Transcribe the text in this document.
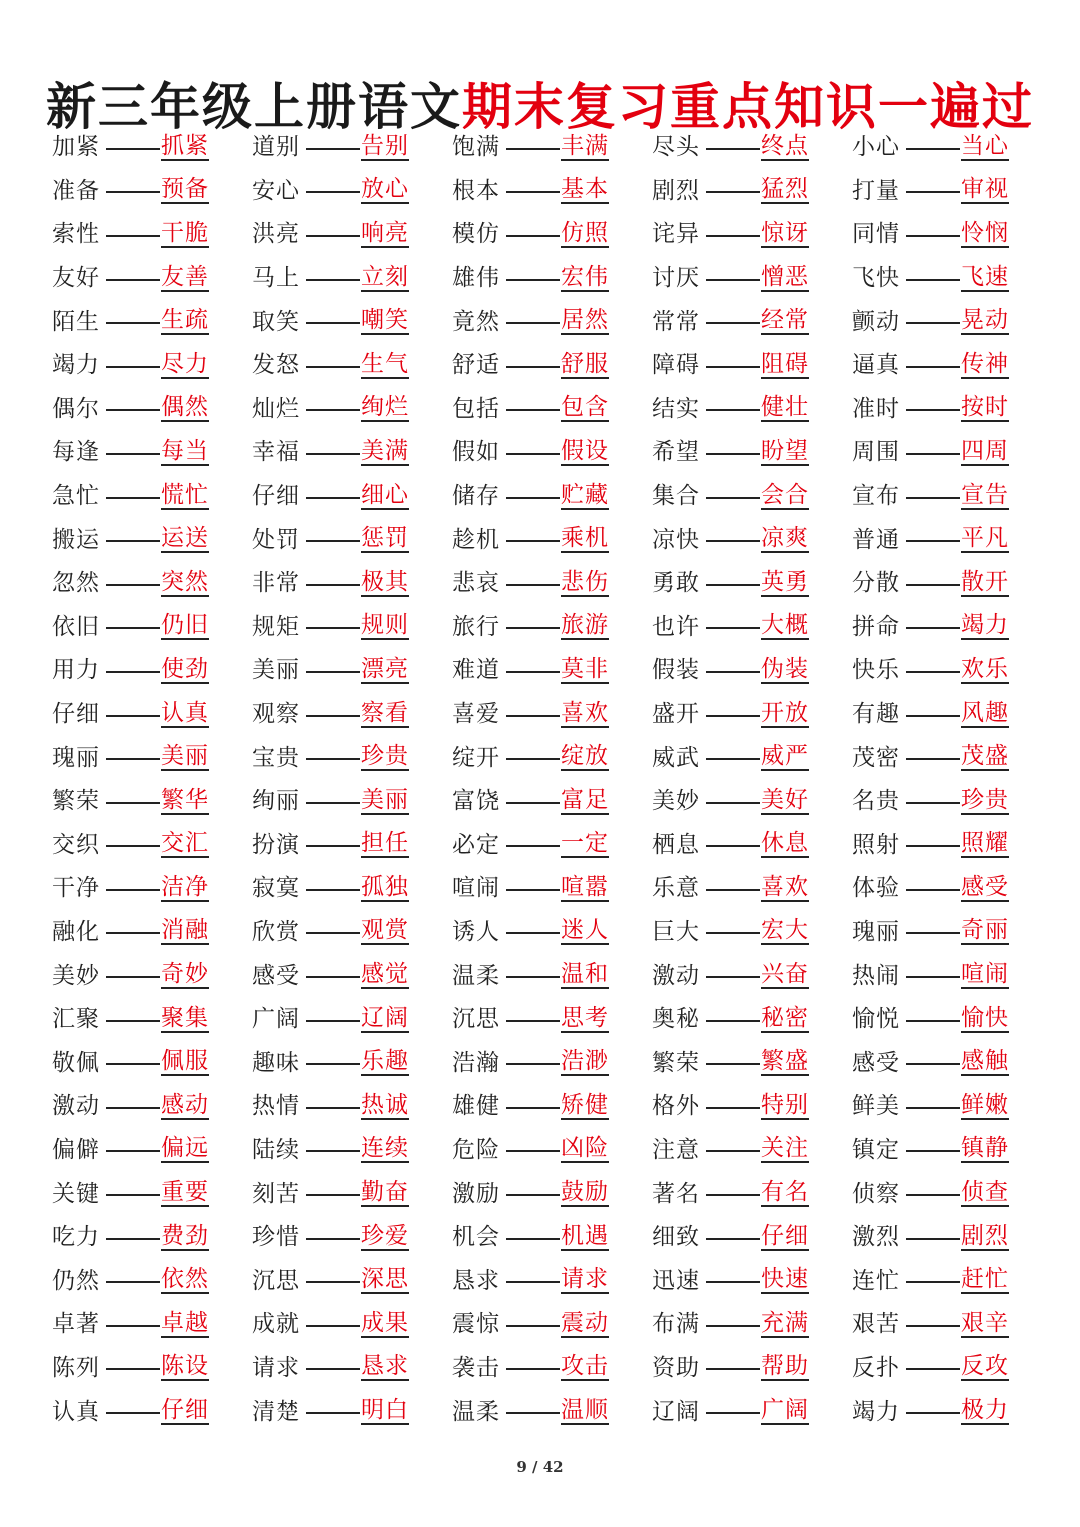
新三年级上册语文期末复习重点知识一遍过
加紧	抓紧 道别	告别 饱满	丰满 尽头	终点 小心	当心
准备	预备 安心	放心 根本	基本 剧烈	猛烈 打量	审视
索性	干脆 洪亮	响亮 模仿	仿照 诧异	惊讶 同情	怜悯
友好	友善 马上	立刻 雄伟	宏伟 讨厌	憎恶 飞快	飞速
陌生	生疏 取笑	嘲笑 竟然	居然 常常	经常 颤动	晃动
竭力	尽力 发怒	生气 舒适	舒服 障碍	阻碍 逼真	传神
偶尔	偶然 灿烂	绚烂 包括	包含 结实	健壮 准时	按时
每逢	每当 幸福	美满 假如	假设 希望	盼望 周围	四周
急忙	慌忙 仔细	细心 储存	贮藏 集合	会合 宣布	宣告
搬运	运送 处罚	惩罚 趁机	乘机 凉快	凉爽 普通	平凡
忽然	突然 非常	极其 悲哀	悲伤 勇敢	英勇 分散	散开
依旧	仍旧 规矩	规则 旅行	旅游 也许	大概 拼命	竭力
用力	使劲 美丽	漂亮 难道	莫非 假装	伪装 快乐	欢乐
仔细	认真 观察	察看 喜爱	喜欢 盛开	开放 有趣	风趣
瑰丽	美丽 宝贵	珍贵 绽开	绽放 威武	威严 茂密	茂盛
繁荣	繁华 绚丽	美丽 富饶	富足 美妙	美好 名贵	珍贵
交织	交汇 扮演	担任 必定	一定 栖息	休息 照射	照耀
干净	洁净 寂寞	孤独 喧闹	喧嚣 乐意	喜欢 体验	感受
融化	消融 欣赏	观赏 诱人	迷人 巨大	宏大 瑰丽	奇丽
美妙	奇妙 感受	感觉 温柔	温和 激动	兴奋 热闹	喧闹
汇聚	聚集 广阔	辽阔 沉思	思考 奥秘	秘密 愉悦	愉快
敬佩	佩服 趣味	乐趣 浩瀚	浩渺 繁荣	繁盛 感受	感触
激动	感动 热情	热诚 雄健	矫健 格外	特别 鲜美	鲜嫩
偏僻	偏远 陆续	连续 危险	凶险 注意	关注 镇定	镇静
关键	重要 刻苦	勤奋 激励	鼓励 著名	有名 侦察	侦查
吃力	费劲 珍惜	珍爱 机会	机遇 细致	仔细 激烈	剧烈
仍然	依然 沉思	深思 恳求	请求 迅速	快速 连忙	赶忙
卓著	卓越 成就	成果 震惊	震动 布满	充满 艰苦	艰辛
陈列	陈设 请求	恳求 袭击	攻击 资助	帮助 反扑	反攻
认真	仔细 清楚	明白 温柔	温顺 辽阔	广阔 竭力	极力
9 / 42
